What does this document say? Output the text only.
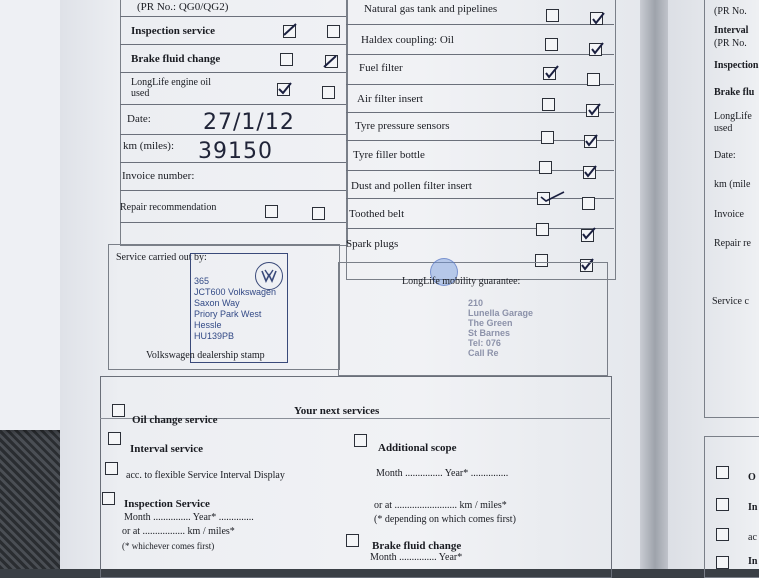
(PR No.: QG0/QG2)
Inspection service
Brake fluid change
LongLife engine oil used
Date:
km (miles):
Invoice number:
Repair recommendation
27/1/12
39150
Natural gas tank and pipelines
Haldex coupling: Oil
Fuel filter
Air filter insert
Tyre pressure sensors
Tyre filler bottle
Dust and pollen filter insert
Toothed belt
Spark plugs
Service carried out by:
365
JCT600 Volkswagen
Saxon Way
Priory Park West
Hessle
HU139PB
Volkswagen dealership stamp
LongLife mobility guarantee:
210
Lunella Garage
The Green
St Barnes
Tel: 076
Call Re
Your next services
Oil change service
Interval service
acc. to flexible Service Interval Display
Inspection Service
Month ............... Year* ..............
or at ................. km / miles*
(* whichever comes first)
Additional scope
Month ............... Year* ...............
or at ......................... km / miles*
(* depending on which comes first)
Brake fluid change
Month ............... Year*
(PR No.
Interval
(PR No.
Inspection
Brake flu
LongLife
used
Date:
km (mile
Invoice
Repair re
Service c
O
In
ac
In
